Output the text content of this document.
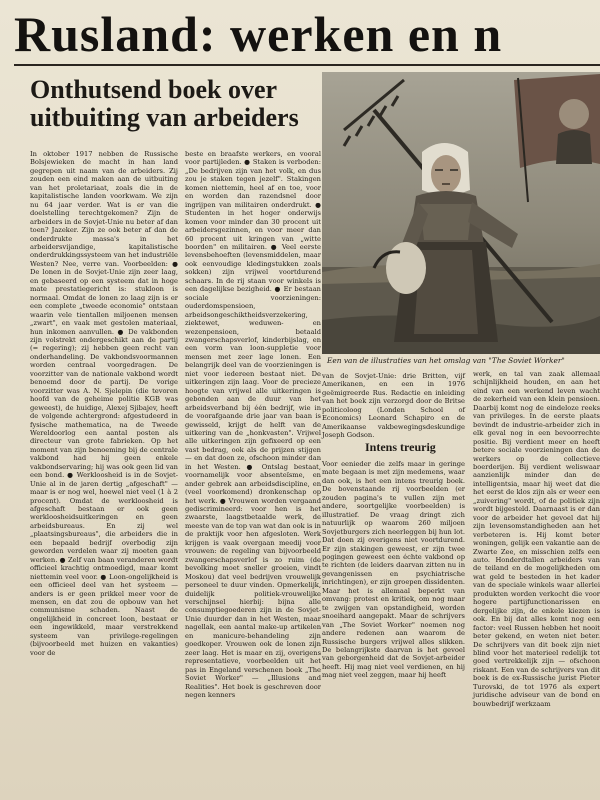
Rusland: werken en n
Onthutsend boek over uitbuiting van arbeiders
Een van de illustraties van het omslag van "The Soviet Worker"
In oktober 1917 nebben de Russische Bolsjewieken de macht in han land gegrepen uit naam van de arbeiders. Zij zouden een eind maken aan de uitbuiting van het proletariaat, zoals die in de kapitalistische landen voorkwam. We zijn nu 64 jaar verder. Wat is er van die doelstelling terechtgekomen? Zijn de arbeiders in de Sovjet-Unie nu beter af dan toen? Jazeker. Zijn ze ook beter af dan de onderdrukte massa's in het arbeidersvijandige, kapitalistische onderdrukkingssysteem van het industriële Westen? Nee, verre van. Voorbeelden: ● De lonen in de Sovjet-Unie zijn zeer laag, en gebaseerd op een systeem dat in hoge mate prestatiegericht is: stukloon is normaal. Omdat de lonen zo laag zijn is er een complete „tweede economie" ontstaan waarin vele tientallen miljoenen mensen „zwart", en vaak met gestolen materiaal, hun inkomen aanvullen. ● De vakbonden zijn volstrekt ondergeschikt aan de partij (= regering); zij hebben geen recht van onderhandeling. De vakbondsvoormannen worden centraal voorgedragen. De voorzitter van de nationale vakbond wordt benoemd door de partij. De vorige voorzitter was A. N. Sjelepin (die tevoren hoofd van de geheime politie KGB was geweest), de huidige, Alexej Sjibajev, heeft de volgende achtergrond: afgestudeerd in fysische mathematica, na de Tweede Wereldoorlog een aantal posten als directeur van grote fabrieken. Op het moment van zijn benoeming bij de centrale vakbond had hij geen enkele vakbondservaring; hij was ook geen lid van een bond. ● Werkloosheid is in de Sovjet-Unie al in de jaren dertig „afgeschaft" — maar is er nog wel, hoewel niet veel (1 à 2 procent). Omdat de werkloosheid is afgeschaft bestaan er ook geen werkloosheidsuitkeringen en geen arbeidsbureaus. En zij wel „plaatsingsbureaus", die arbeiders die in een bepaald bedrijf overbodig zijn geworden verdelen waar zij moeten gaan werken. ● Zelf van baan veranderen wordt officieel krachtig ontmoedigd, maar komt niettemin veel voor. ● Loon-ongelijkheid is een officieel deel van het systeem — anders is er geen prikkel meer voor de mensen, en dat zou de opbouw van het communisme schaden. Naast de ongelijkheid in concreet loon, bestaat er een ingewikkeld, maar verstrekkend systeem van privilege-regelingen (bijvoorbeeld met huizen en vakanties) voor de
beste en braafste werkers, en vooral voor partijleden. ● Staken is verboden: „De bedrijven zijn van het volk, en dus zou je staken tegen jezelf". Stakingen komen niettemin, heel af en toe, voor en worden dan razendsnel door ingrijpen van militairen onderdrukt. ● Studenten in het hoger onderwijs komen voor minder dan 30 procent uit arbeidersgezinnen, en voor meer dan 60 procent uit kringen van „witte boorden" en militairen. ● Veel eerste levensbehoeften (levensmiddelen, maar ook eenvoudige kledingstukken zoals sokken) zijn vrijwel voortdurend schaars. In de rij staan voor winkels is een dagelijkse bezigheid. ● Er bestaan sociale voorzieningen: ouderdomspensioen, arbeidsongeschiktheidsverzekering, ziektewet, weduwen- en wezenpensioen, betaald zwangerschapsverlof, kinderbijslag, en een vorm van loon-suppletie voor mensen met zeer lage lonen. Een belangrijk deel van de voorzieningen is niet voor iedereen bestaat niet. De uitkeringen zijn laag. Voor de precieze hoogte van vrijwel alle uitkeringen is gebonden aan de duur van het arbeidsverband bij één bedrijf, wie in de voorafgaande drie jaar van baan is gewisseld, krijgt de helft van de uitkering van de „honkvasten". Vrijwel alle uitkeringen zijn gefixeerd op een vast bedrag, ook als de prijzen stijgen — en dat doen ze, ofschoon minder dan in het Westen. ● Ontslag bestaat, voornamelijk voor absenteïsme, en ander gebrek aan arbeidsdiscipline, en (veel voorkomend) dronkenschap op het werk. ● Vrouwen worden vergaand gediscrimineerd: voor hen is het zwaarste, laagstbetaalde werk, de meeste van de top van wat dan ook is in de praktijk voor hen afgesloten. Werk krijgen is vaak overgaan meedij voor vrouwen: de regeling van bijvoorbeeld zwangerschapsverlof is zo ruim (de bevolking moet sneller groeien, vindt Moskou) dat veel bedrijven vrouwelijk personeel te duur vinden. Opmerkelijk, duidelijk politiek-vrouwelijke verschijnsel hierbij: bijna alle consumptiegoederen zijn in de Sovjet-Unie duurder dan in het Westen, maar nagellak, een aantal make-up artikelen en manicure-behandeling zijn goedkoper. Vrouwen ook de lonen zijn zeer laag. Het is maar en zij, overigens representatieve, voorbeelden uit het pas in Engeland verschenen boek „The Soviet Worker" — „Illusions and Realities". Het boek is geschreven door negen kenners
van de Sovjet-Unie: drie Britten, vijf Amerikanen, en een in 1976 geëmigreerde Rus. Redactie en inleiding van het boek zijn verzorgd door de Britse politicoloog (Londen School of Economics) Leonard Schapiro en de Amerikaanse vakbewegingsdeskundige Joseph Godson.
Intens treurig
Voor eenieder die zelfs maar in geringe mate begaan is met zijn medemens, waar dan ook, is het een intens treurig boek. De bovenstaande rij voorbeelden (er zouden pagina's te vullen zijn met andere, soortgelijke voorbeelden) is illustratief. De vraag dringt zich natuurlijk op waarom 260 miljoen Sovjetburgers zich neerleggen bij hun lot. Dat doen zij overigens niet voortdurend. Er zijn stakingen geweest, er zijn twee pogingen geweest een échte vakbond op te richten (de leiders daarvan zitten nu in gevangenissen en psychiatrische inrichtingen), er zijn groepen dissidenten. Maar het is allemaal beperkt van omvang: protest en kritiek, om nog maar te zwijgen van opstandigheid, worden snoeihard aangepakt. Maar de schrijvers van „The Soviet Worker" noemen nog andere redenen aan waarom de Russische burgers vrijwel alles slikken. De belangrijkste daarvan is het gevoel van geborgenheid dat de Sovjet-arbeider heeft. Hij mag niet veel verdienen, en hij mag niet veel zeggen, maar hij heeft
werk, en tal van zaak allemaal schijnlijkheid houden, en aan het eind van een werkend leven wacht de zekerheid van een klein pensioen. Daarbij komt nog de eindeloze reeks van privileges. In de eerste plaats bevindt de industrie-arbeider zich in elk geval nog in een bevoorrechte positie. Bij verdient meer en heeft betere sociale voorzieningen dan de werkers op de collectieve boerderijen. Bij verdient weliswaar aanzienlijk minder dan de intelligentsia, maar hij weet dat die het eerst de klos zijn als er weer een „zuivering" wordt, of de politiek zijn wordt bijgesteld. Daarnaast is er dan voor de arbeider het gevoel dat hij zijn levensomstandigheden aan het verbeteren is. Hij komt beter woningen, gelijk een vakantie aan de Zwarte Zee, en misschien zelfs een auto. Honderdtallen arbeiders van de teiland en de mogelijkheden om wat geld te besteden in het kader van de speciale winkels waar allerlei produkten worden verkocht die voor hogere partijfunctionarissen en dergelijke zijn, de enkele kiezen is ook. En bij dat alles komt nog een factor: veel Russen hebben het nooit beter gekend, en weten niet beter. De schrijvers van dit boek zijn niet blind voor het materieel redelijk tot goed vertrekkelijk zijn — ofschoon riskant. Een van de schrijvers van dit boek is de ex-Russische jurist Pieter Turovski, de tot 1976 als expert juridische adviseur van de bond en bouwbedrijf werkzaam
